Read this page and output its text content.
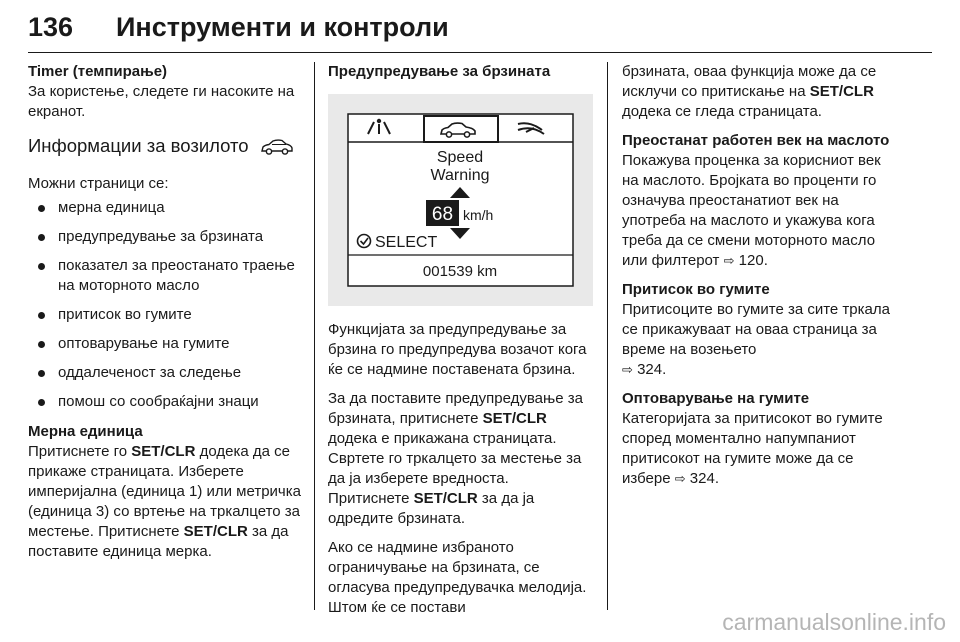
136 Инструменти и контроли

Timer (темпирање)

За користење, следете ги насоките на екранот.

Информации за возилото

Можни страници се:

мерна единица
предупредување за брзината
показател за преостанато траење на моторното масло
притисок во гумите
оптоварување на гумите
оддалеченост за следење
помош со сообраќајни знаци

Мерна единица

Притиснете го SET/CLR додека да се прикаже страницата. Изберете империјална (единица 1) или метричка (единица 3) со вртење на тркалцето за местење. Притиснете SET/CLR за да поставите единица мерка.

Предупредување за брзината

Speed
Warning
68 km/h
SELECT
001539 km

Функцијата за предупредување за брзина го предупредува возачот кога ќе се надмине поставената брзина.

За да поставите предупредување за брзината, притиснете SET/CLR додека е прикажана страницата. Свртете го тркалцето за местење за да ја изберете вредноста. Притиснете SET/CLR за да ја одредите брзината.

Ако се надмине избраното ограничување на брзината, се огласува предупредувачка мелодија. Штом ќе се постави

брзината, оваа функција може да се исклучи со притискање на SET/CLR додека се гледа страницата.

Преостанат работен век на маслото

Покажува проценка за корисниот век на маслото. Бројката во проценти го означува преостанатиот век на употреба на маслото и укажува кога треба да се смени моторното масло или филтерот ⇨ 120.

Притисок во гумите

Притисоците во гумите за сите тркала се прикажуваат на оваа страница за време на возењето
⇨ 324.

Оптоварување на гумите

Категоријата за притисокот во гумите според моментално напумпаниот притисокот на гумите може да се избере ⇨ 324.

carmanualsonline.info
